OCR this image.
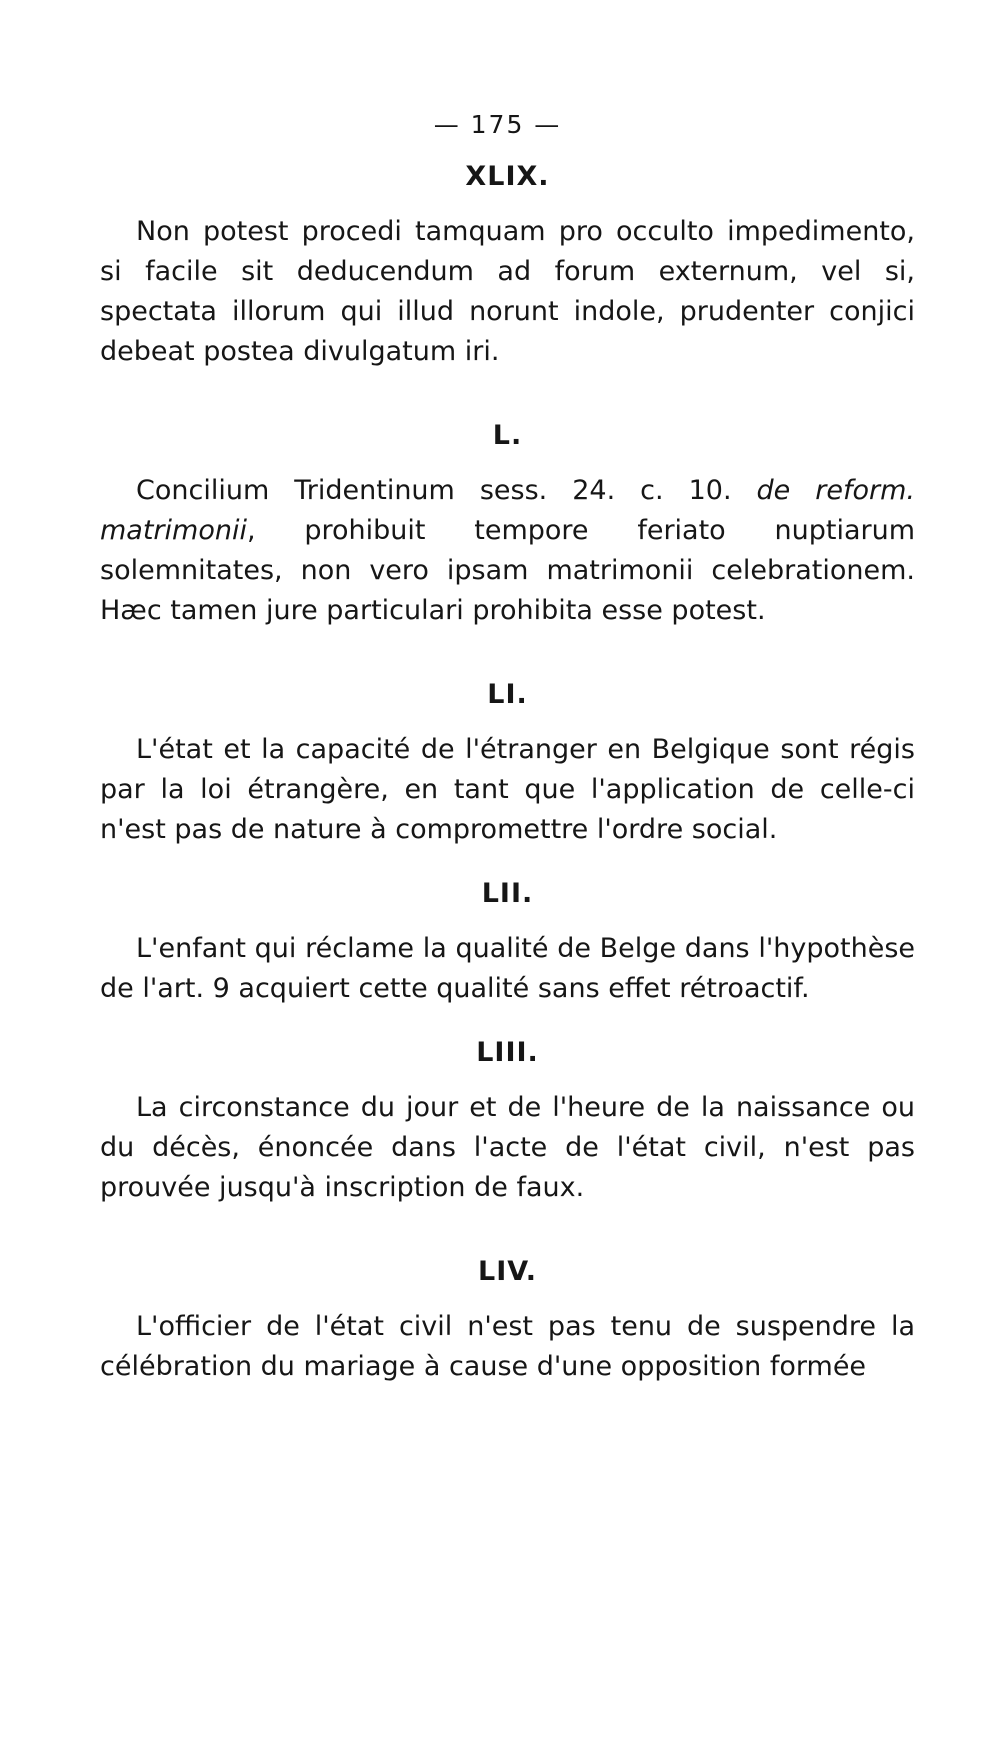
— 175 —
XLIX.

Non potest procedi tamquam pro occulto impedimento, si facile sit deducendum ad forum externum, vel si, spectata illorum qui illud norunt indole, prudenter conjici debeat postea divulgatum iri.

L.

Concilium Tridentinum sess. 24. c. 10. de reform. matrimonii, prohibuit tempore feriato nuptiarum solemnitates, non vero ipsam matrimonii celebrationem. Hæc tamen jure particulari prohibita esse potest.

LI.

L'état et la capacité de l'étranger en Belgique sont régis par la loi étrangère, en tant que l'application de celle-ci n'est pas de nature à compromettre l'ordre social.

LII.

L'enfant qui réclame la qualité de Belge dans l'hypothèse de l'art. 9 acquiert cette qualité sans effet rétroactif.

LIII.

La circonstance du jour et de l'heure de la naissance ou du décès, énoncée dans l'acte de l'état civil, n'est pas prouvée jusqu'à inscription de faux.

LIV.

L'officier de l'état civil n'est pas tenu de suspendre la célébration du mariage à cause d'une opposition formée
